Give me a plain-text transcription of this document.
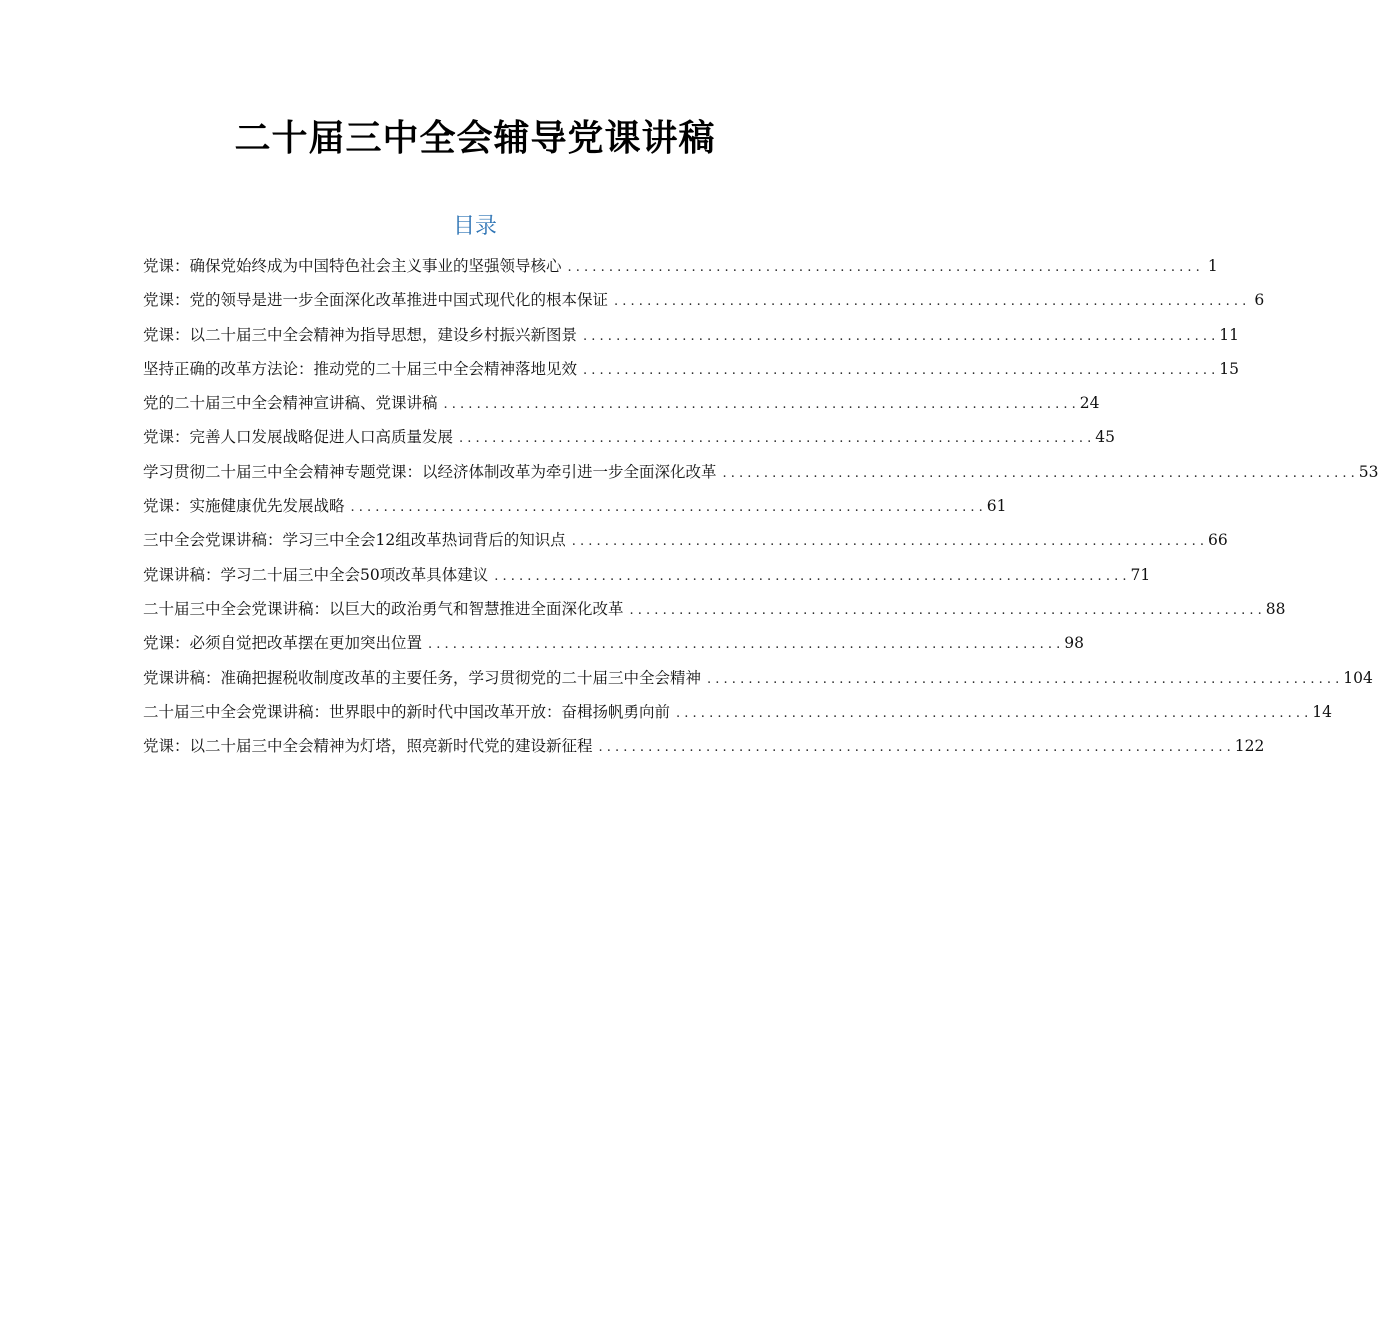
二十届三中全会辅导党课讲稿
目录
党课：确保党始终成为中国特色社会主义事业的坚强领导核心 . . .	1
党课：党的领导是进一步全面深化改革推进中国式现代化的根本保证 . . .	6
党课：以二十届三中全会精神为指导思想，建设乡村振兴新图景 . . .	11
坚持正确的改革方法论：推动党的二十届三中全会精神落地见效 . . .	15
党的二十届三中全会精神宣讲稿、党课讲稿 . . .	24
党课：完善人口发展战略促进人口高质量发展 . . .	45
学习贯彻二十届三中全会精神专题党课：以经济体制改革为牵引进一步全面深化改革 . . .	53
党课：实施健康优先发展战略 . . .	61
三中全会党课讲稿：学习三中全会12组改革热词背后的知识点 . . .	66
党课讲稿：学习二十届三中全会50项改革具体建议 . . .	71
二十届三中全会党课讲稿：以巨大的政治勇气和智慧推进全面深化改革 . . .	88
党课：必须自觉把改革摆在更加突出位置 . . .	98
党课讲稿：准确把握税收制度改革的主要任务，学习贯彻党的二十届三中全会精神 . . .	104
二十届三中全会党课讲稿：世界眼中的新时代中国改革开放：奋楫扬帆勇向前 . . .	14
党课：以二十届三中全会精神为灯塔，照亮新时代党的建设新征程 . . .	122
